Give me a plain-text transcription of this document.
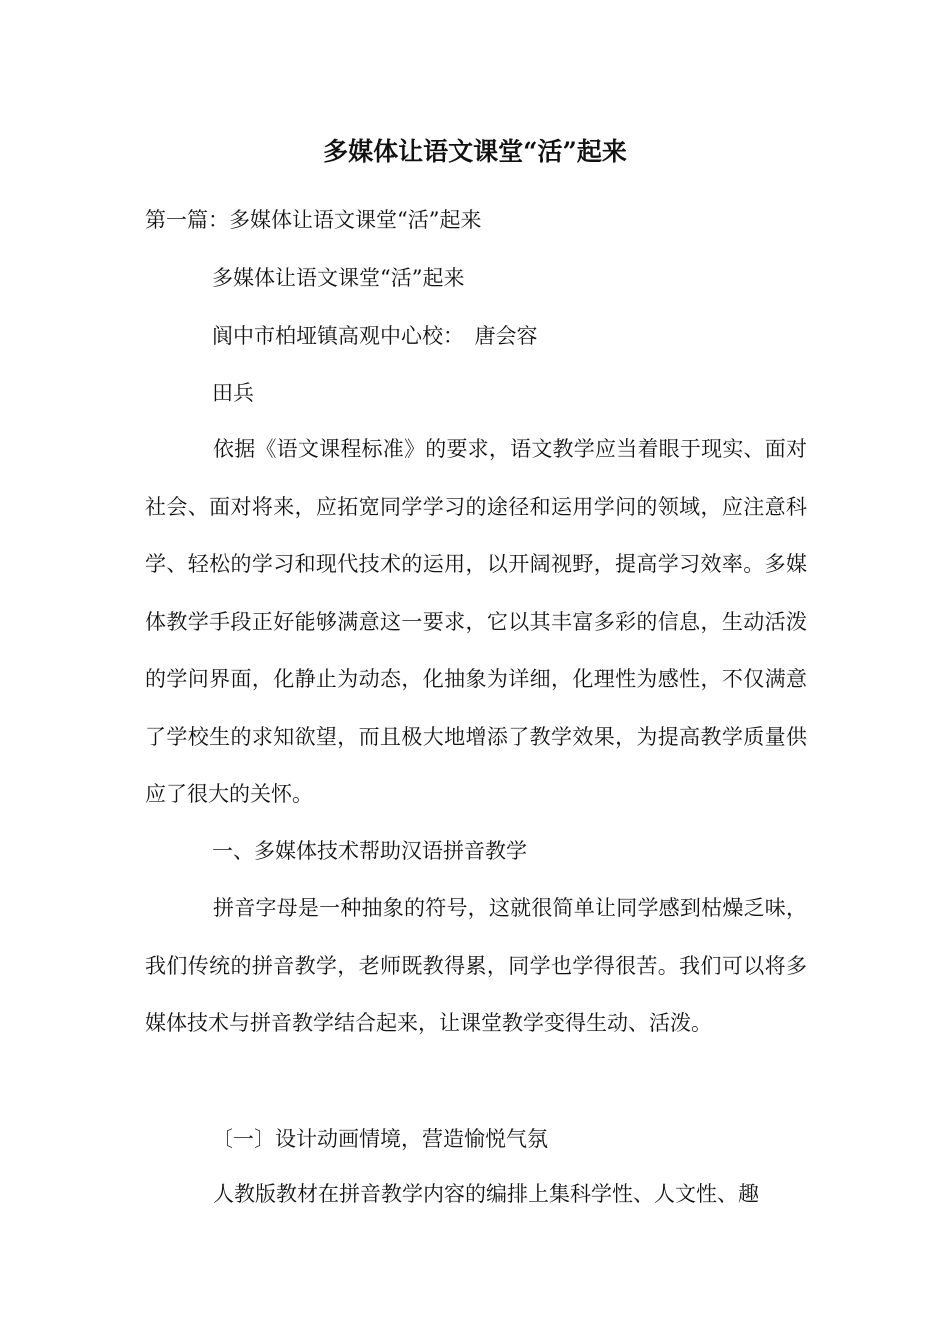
多媒体让语文课堂“活”起来
第一篇：多媒体让语文课堂“活”起来
多媒体让语文课堂“活”起来
阆中市柏垭镇高观中心校：　唐会容
田兵

依据《语文课程标准》的要求，语文教学应当着眼于现实、面对社会、面对将来，应拓宽同学学习的途径和运用学问的领域，应注意科学、轻松的学习和现代技术的运用，以开阔视野，提高学习效率。多媒体教学手段正好能够满意这一要求，它以其丰富多彩的信息，生动活泼的学问界面，化静止为动态，化抽象为详细，化理性为感性，不仅满意了学校生的求知欲望，而且极大地增添了教学效果，为提高教学质量供应了很大的关怀。

一、多媒体技术帮助汉语拼音教学

拼音字母是一种抽象的符号，这就很简单让同学感到枯燥乏味，我们传统的拼音教学，老师既教得累，同学也学得很苦。我们可以将多媒体技术与拼音教学结合起来，让课堂教学变得生动、活泼。

〔一〕设计动画情境，营造愉悦气氛

人教版教材在拼音教学内容的编排上集科学性、人文性、趣
